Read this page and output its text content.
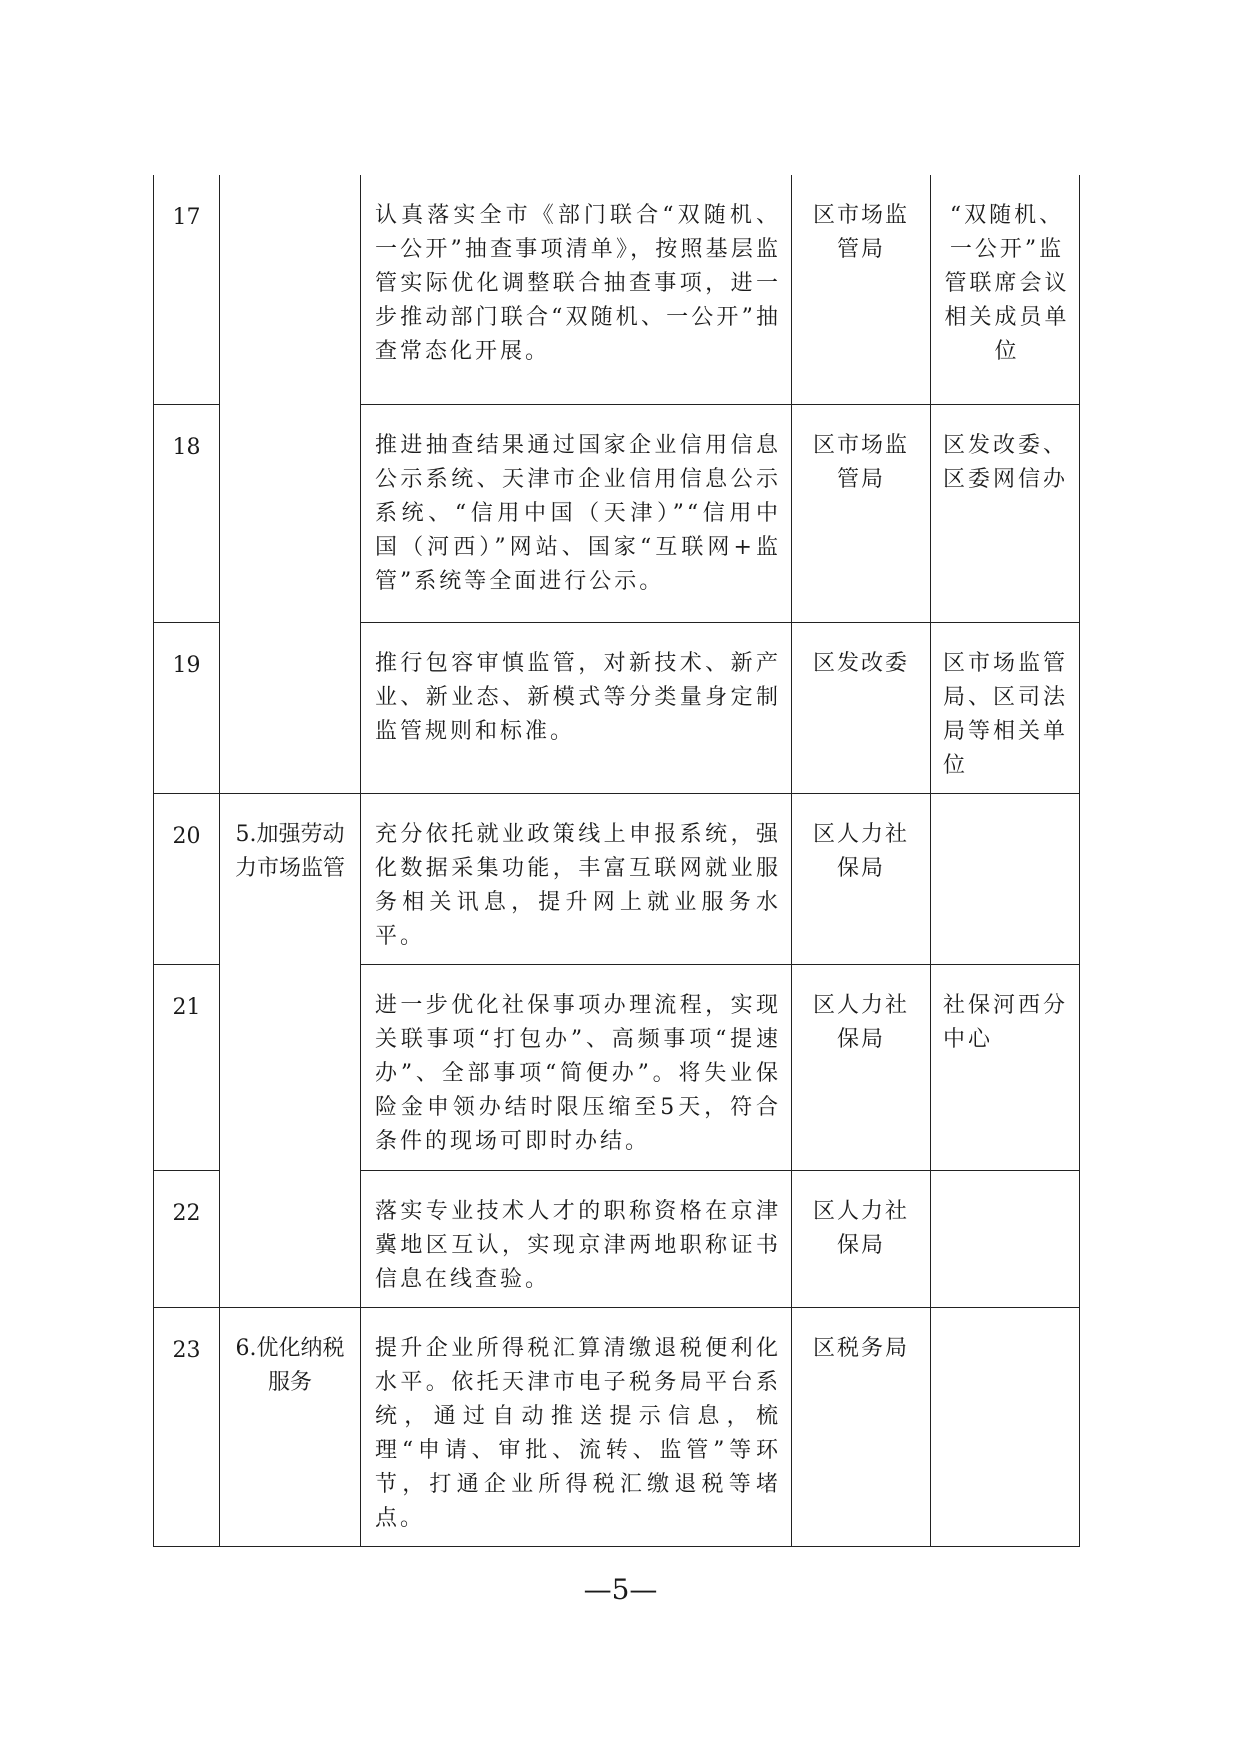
17		认真落实全市《部门联合“双随机、一公开”抽查事项清单》，按照基层监管实际优化调整联合抽查事项，进一步推动部门联合“双随机、一公开”抽查常态化开展。	区市场监管局	“双随机、一公开”监管联席会议相关成员单位
18		推进抽查结果通过国家企业信用信息公示系统、天津市企业信用信息公示系统、“信用中国（天津）”“信用中国（河西）”网站、国家“互联网+监管”系统等全面进行公示。	区市场监管局	区发改委、区委网信办
19		推行包容审慎监管，对新技术、新产业、新业态、新模式等分类量身定制监管规则和标准。	区发改委	区市场监管局、区司法局等相关单位
20	5.加强劳动力市场监管	充分依托就业政策线上申报系统，强化数据采集功能，丰富互联网就业服务相关讯息，提升网上就业服务水平。	区人力社保局	
21		进一步优化社保事项办理流程，实现关联事项“打包办”、高频事项“提速办”、全部事项“简便办”。将失业保险金申领办结时限压缩至5天，符合条件的现场可即时办结。	区人力社保局	社保河西分中心
22		落实专业技术人才的职称资格在京津冀地区互认，实现京津两地职称证书信息在线查验。	区人力社保局	
23	6.优化纳税服务	提升企业所得税汇算清缴退税便利化水平。依托天津市电子税务局平台系统，通过自动推送提示信息，梳理“申请、审批、流转、监管”等环节，打通企业所得税汇缴退税等堵点。	区税务局	
—5—
